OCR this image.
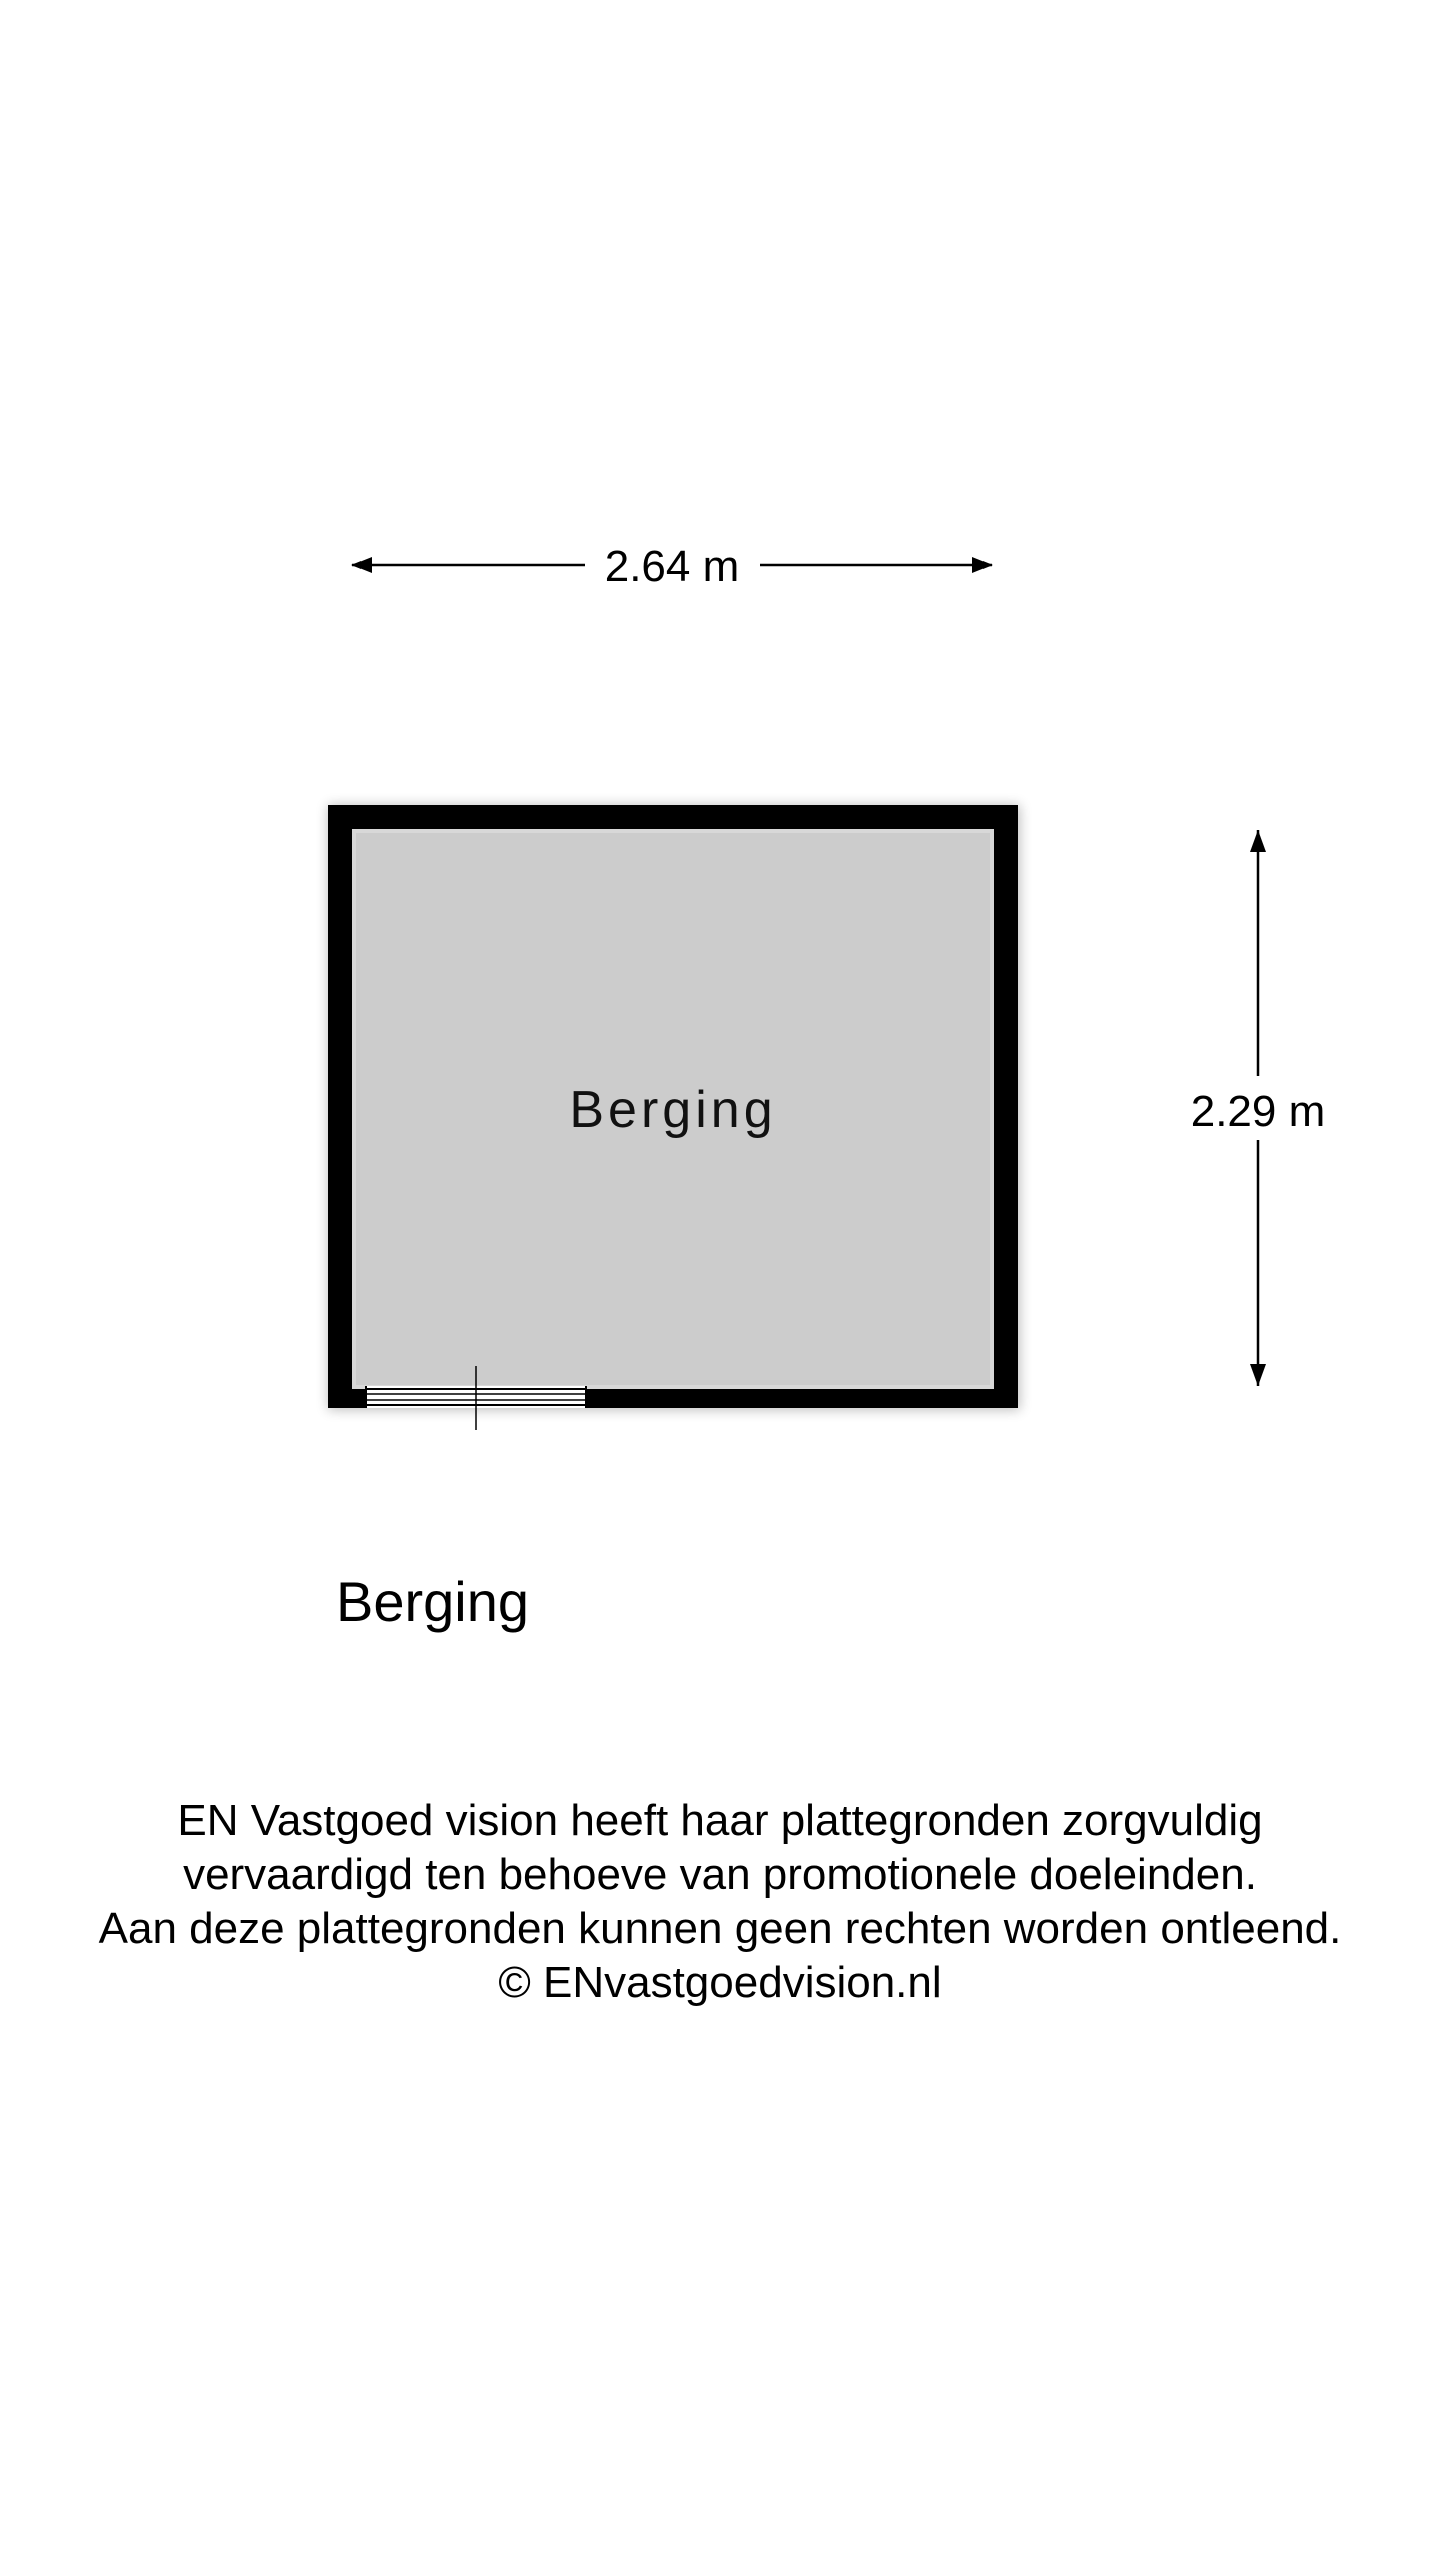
2.64 m
2.29 m
Berging
Berging
EN Vastgoed vision heeft haar plattegronden zorgvuldig
vervaardigd ten behoeve van promotionele doeleinden.
Aan deze plattegronden kunnen geen rechten worden ontleend.
© ENvastgoedvision.nl
